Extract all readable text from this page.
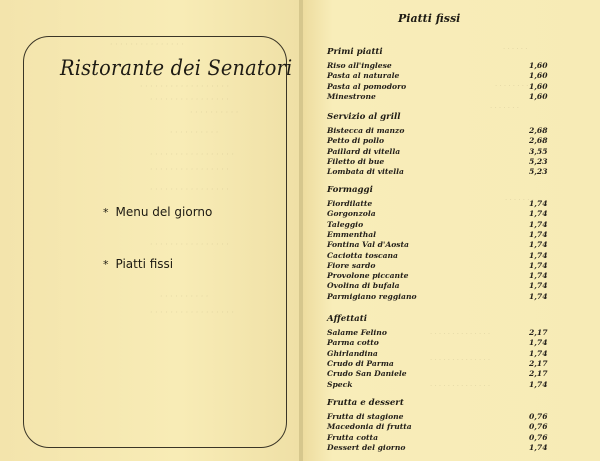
· · · · · · · · · · · · · · ·
· · · · · · · · · · · · · · · · · ·
· · · · · · · · · · · · · · · ·
· · · · · · · · · ·
· · · · · · · · · ·
· · · · · · · · · · · · · · · · ·
· · · · · · · · · · · · · · · ·
· · · · · · · · · · · · · · · ·
· · · · · · · · · · · · · · · ·
· · · · · · · · · ·
· · · · · · · · · · · · · · · · ·
Ristorante dei Senatori
* Menu del giorno
* Piatti fissi
· · · · · ·
· · · · · · · · ·
· · · · · · ·
· · · · · · ·
· · · · · · · · · · · · · ·
· · · · · · · · · · · · · ·
· · · · · · · · · · · · · ·
Piatti fissi
Primi piatti
Riso all'inglese	1,60
Pasta al naturale	1,60
Pasta al pomodoro	1,60
Minestrone	1,60
Servizio al grill
Bistecca di manzo	2,68
Petto di pollo	2,68
Paillard di vitella	3,55
Filetto di bue	5,23
Lombata di vitella	5,23
Formaggi
Fiordilatte	1,74
Gorgonzola	1,74
Taleggio	1,74
Emmenthal	1,74
Fontina Val d'Aosta	1,74
Caciotta toscana	1,74
Fiore sardo	1,74
Provolone piccante	1,74
Ovolina di bufala	1,74
Parmigiano reggiano	1,74
Affettati
Salame Felino	2,17
Parma cotto	1,74
Ghirlandina	1,74
Crudo di Parma	2,17
Crudo San Daniele	2,17
Speck	1,74
Frutta e dessert
Frutta di stagione	0,76
Macedonia di frutta	0,76
Frutta cotta	0,76
Dessert del giorno	1,74
